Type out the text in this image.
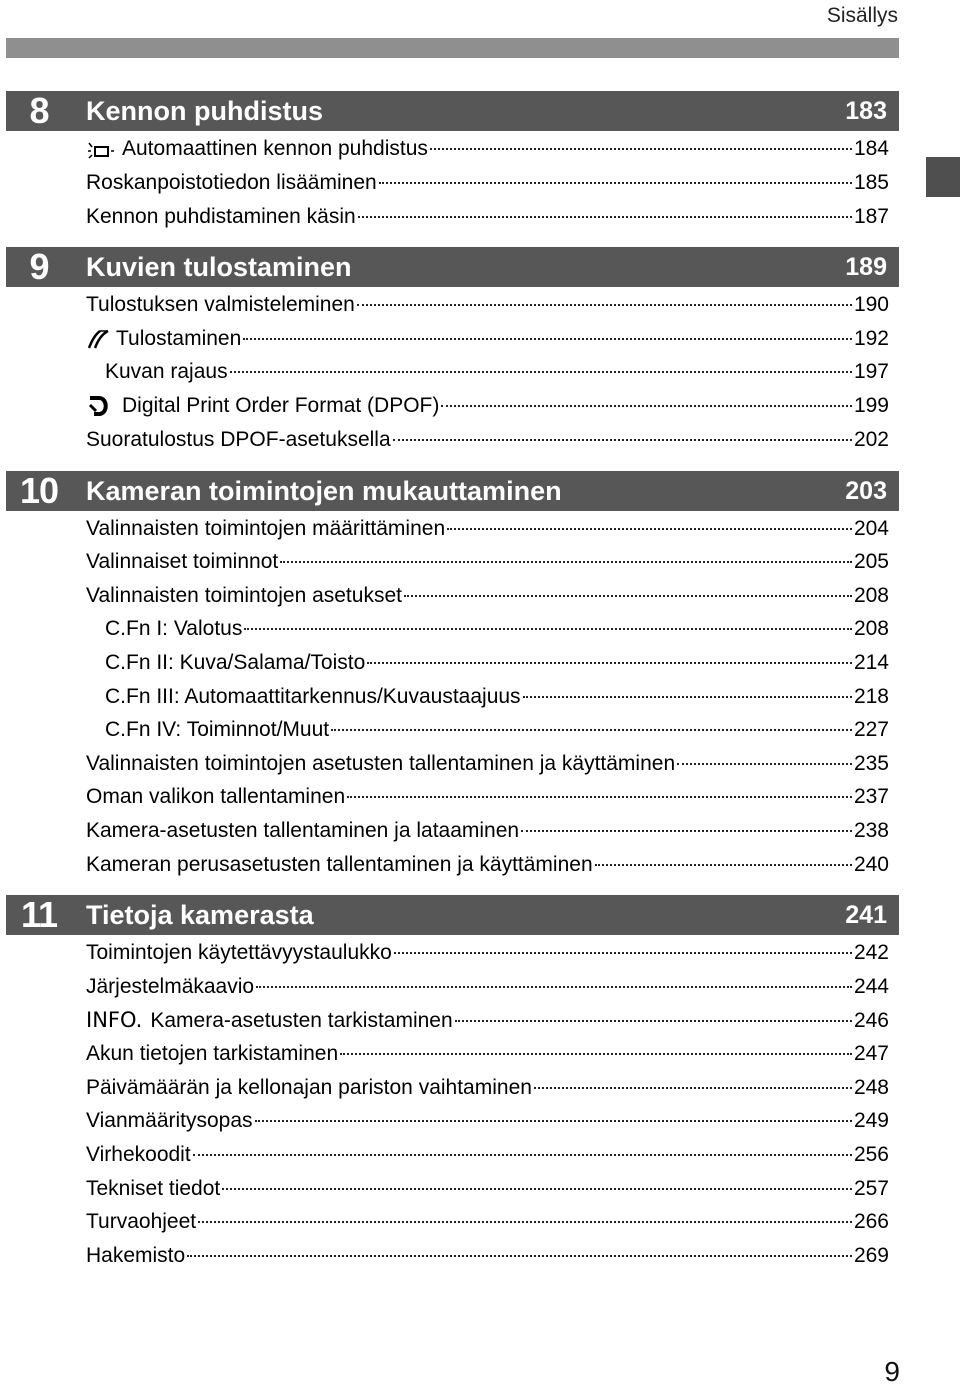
Sisällys
8	Kennon puhdistus	183
Automaattinen kennon puhdistus	184
Roskanpoistotiedon lisääminen	185
Kennon puhdistaminen käsin	187
9	Kuvien tulostaminen	189
Tulostuksen valmisteleminen	190
Tulostaminen	192
Kuvan rajaus	197
Digital Print Order Format (DPOF)	199
Suoratulostus DPOF-asetuksella	202
10	Kameran toimintojen mukauttaminen	203
Valinnaisten toimintojen määrittäminen	204
Valinnaiset toiminnot	205
Valinnaisten toimintojen asetukset	208
C.Fn I: Valotus	208
C.Fn II: Kuva/Salama/Toisto	214
C.Fn III: Automaattitarkennus/Kuvaustaajuus	218
C.Fn IV: Toiminnot/Muut	227
Valinnaisten toimintojen asetusten tallentaminen ja käyttäminen	235
Oman valikon tallentaminen	237
Kamera-asetusten tallentaminen ja lataaminen	238
Kameran perusasetusten tallentaminen ja käyttäminen	240
11	Tietoja kamerasta	241
Toimintojen käytettävyystaulukko	242
Järjestelmäkaavio	244
INFO. Kamera-asetusten tarkistaminen	246
Akun tietojen tarkistaminen	247
Päivämäärän ja kellonajan pariston vaihtaminen	248
Vianmääritysopas	249
Virhekoodit	256
Tekniset tiedot	257
Turvaohjeet	266
Hakemisto	269
9
